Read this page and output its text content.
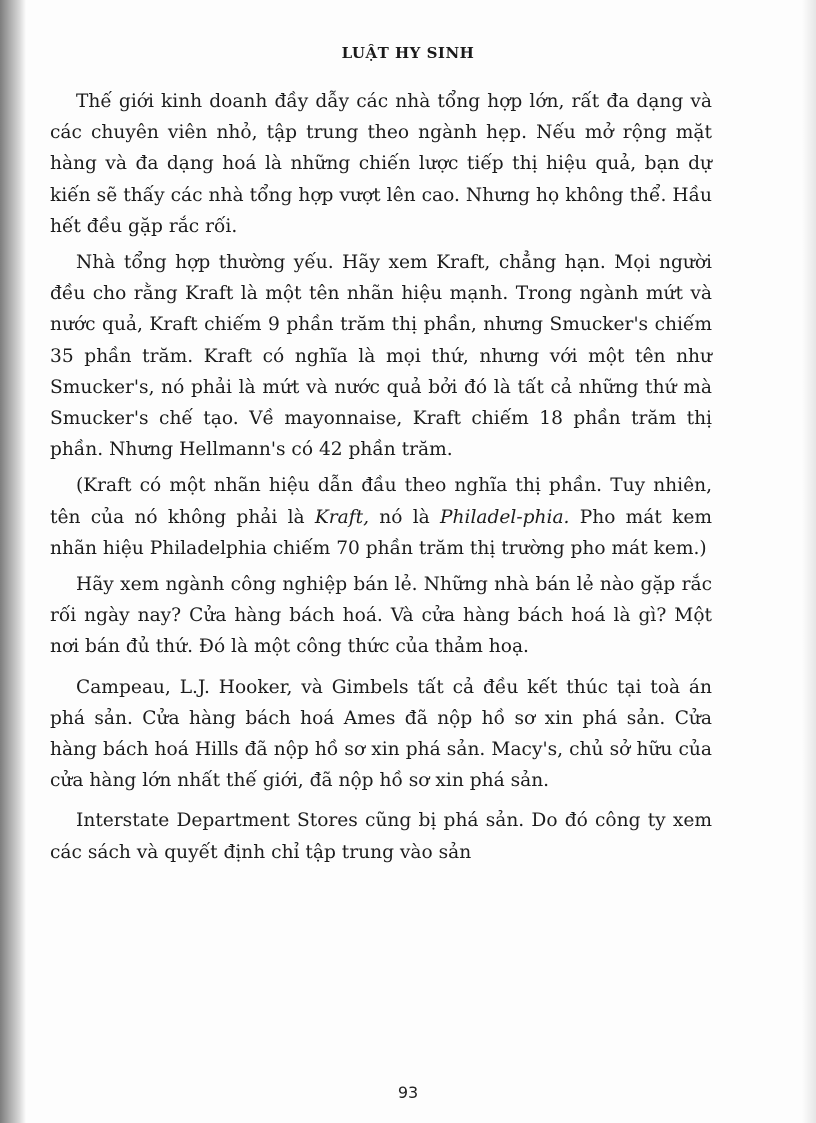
LUẬT HY SINH

Thế giới kinh doanh đầy dẫy các nhà tổng hợp lớn, rất đa dạng và các chuyên viên nhỏ, tập trung theo ngành hẹp. Nếu mở rộng mặt hàng và đa dạng hoá là những chiến lược tiếp thị hiệu quả, bạn dự kiến sẽ thấy các nhà tổng hợp vượt lên cao. Nhưng họ không thể. Hầu hết đều gặp rắc rối.

Nhà tổng hợp thường yếu. Hãy xem Kraft, chẳng hạn. Mọi người đều cho rằng Kraft là một tên nhãn hiệu mạnh. Trong ngành mứt và nước quả, Kraft chiếm 9 phần trăm thị phần, nhưng Smucker's chiếm 35 phần trăm. Kraft có nghĩa là mọi thứ, nhưng với một tên như Smucker's, nó phải là mứt và nước quả bởi đó là tất cả những thứ mà Smucker's chế tạo. Về mayonnaise, Kraft chiếm 18 phần trăm thị phần. Nhưng Hellmann's có 42 phần trăm.

(Kraft có một nhãn hiệu dẫn đầu theo nghĩa thị phần. Tuy nhiên, tên của nó không phải là Kraft, nó là Philadel-phia. Pho mát kem nhãn hiệu Philadelphia chiếm 70 phần trăm thị trường pho mát kem.)

Hãy xem ngành công nghiệp bán lẻ. Những nhà bán lẻ nào gặp rắc rối ngày nay? Cửa hàng bách hoá. Và cửa hàng bách hoá là gì? Một nơi bán đủ thứ. Đó là một công thức của thảm hoạ.

Campeau, L.J. Hooker, và Gimbels tất cả đều kết thúc tại toà án phá sản. Cửa hàng bách hoá Ames đã nộp hồ sơ xin phá sản. Cửa hàng bách hoá Hills đã nộp hồ sơ xin phá sản. Macy's, chủ sở hữu của cửa hàng lớn nhất thế giới, đã nộp hồ sơ xin phá sản.

Interstate Department Stores cũng bị phá sản. Do đó công ty xem các sách và quyết định chỉ tập trung vào sản

93
